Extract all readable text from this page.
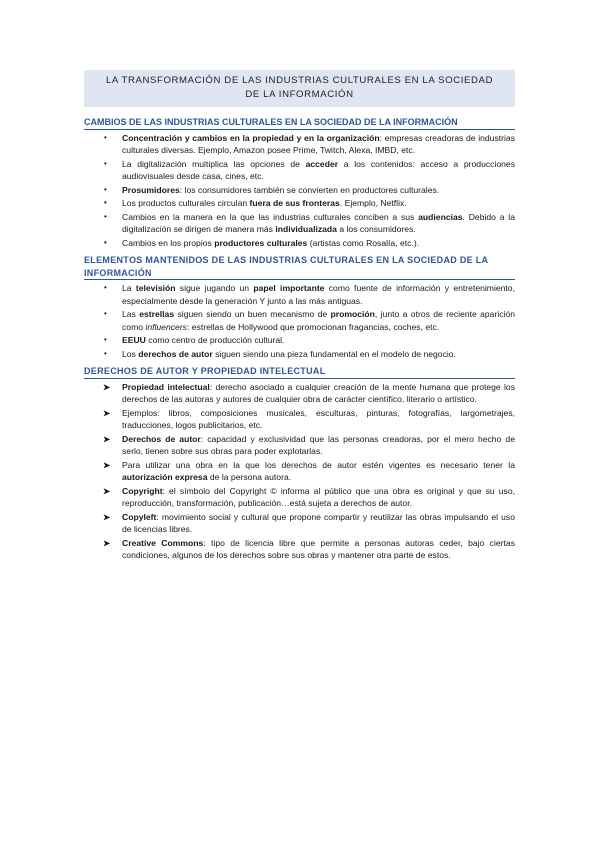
LA TRANSFORMACIÓN DE LAS INDUSTRIAS CULTURALES EN LA SOCIEDAD
DE LA INFORMACIÓN
CAMBIOS DE LAS INDUSTRIAS CULTURALES EN LA SOCIEDAD DE LA INFORMACIÓN
• Concentración y cambios en la propiedad y en la organización: empresas creadoras de industrias culturales diversas. Ejemplo, Amazon posee Prime, Twitch, Alexa, IMBD, etc.
• La digitalización multiplica las opciones de acceder a los contenidos: acceso a producciones audiovisuales desde casa, cines, etc.
• Prosumidores: los consumidores también se convierten en productores culturales.
• Los productos culturales circulan fuera de sus fronteras. Ejemplo, Netflix.
• Cambios en la manera en la que las industrias culturales conciben a sus audiencias. Debido a la digitalización se dirigen de manera más individualizada a los consumidores.
• Cambios en los propios productores culturales (artistas como Rosalía, etc.).
ELEMENTOS MANTENIDOS DE LAS INDUSTRIAS CULTURALES EN LA SOCIEDAD DE LA INFORMACIÓN
• La televisión sigue jugando un papel importante como fuente de información y entretenimiento, especialmente desde la generación Y junto a las más antiguas.
• Las estrellas siguen siendo un buen mecanismo de promoción, junto a otros de reciente aparición como influencers: estrellas de Hollywood que promocionan fragancias, coches, etc.
• EEUU como centro de producción cultural.
• Los derechos de autor siguen siendo una pieza fundamental en el modelo de negocio.
DERECHOS DE AUTOR Y PROPIEDAD INTELECTUAL
➤ Propiedad intelectual: derecho asociado a cualquier creación de la mente humana que protege los derechos de las autoras y autores de cualquier obra de carácter científico, literario o artístico.
➤ Ejemplos: libros, composiciones musicales, esculturas, pinturas, fotografías, largometrajes, traducciones, logos publicitarios, etc.
➤ Derechos de autor: capacidad y exclusividad que las personas creadoras, por el mero hecho de serlo, tienen sobre sus obras para poder explotarlas.
➤ Para utilizar una obra en la que los derechos de autor estén vigentes es necesario tener la autorización expresa de la persona autora.
➤ Copyright: el símbolo del Copyright © informa al público que una obra es original y que su uso, reproducción, transformación, publicación…está sujeta a derechos de autor.
➤ Copyleft: movimiento social y cultural que propone compartir y reutilizar las obras impulsando el uso de licencias libres.
➤ Creative Commons: tipo de licencia libre que permite a personas autoras ceder, bajo ciertas condiciones, algunos de los derechos sobre sus obras y mantener otra parte de estos.
